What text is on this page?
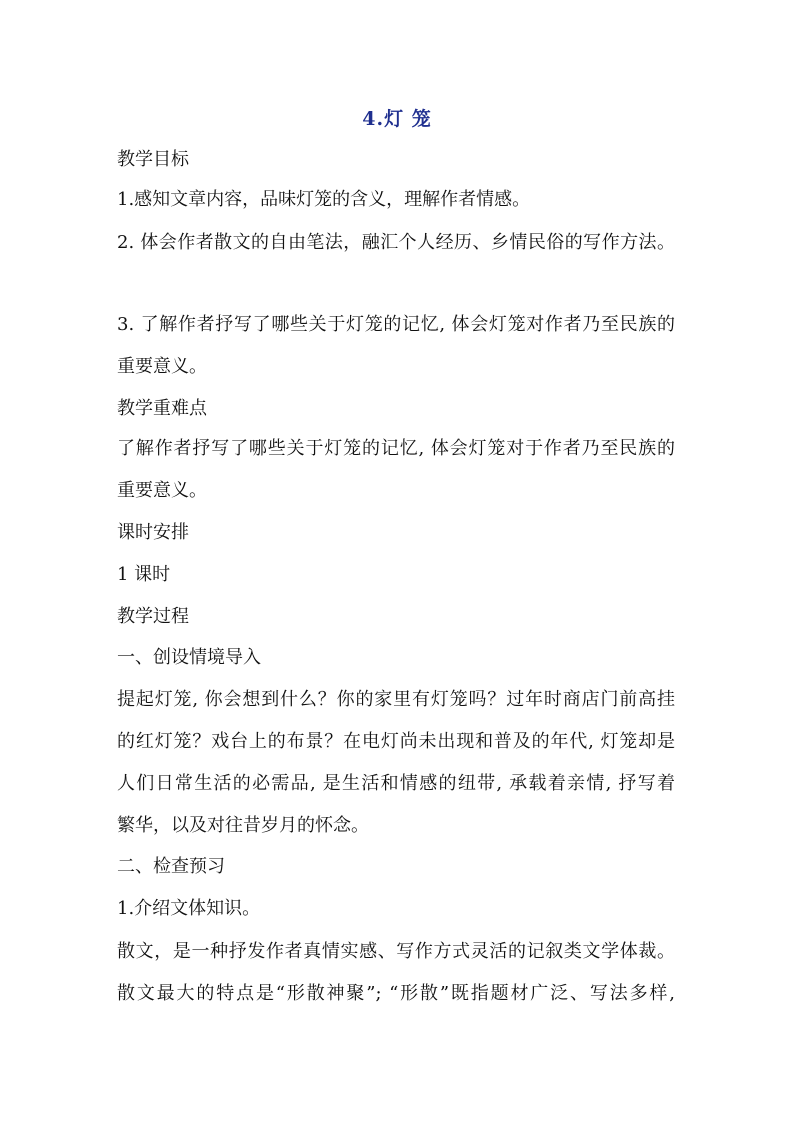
4.灯 笼
教学目标
1.感知文章内容，品味灯笼的含义，理解作者情感。
2. 体会作者散文的自由笔法，融汇个人经历、乡情民俗的写作方法。
3. 了解作者抒写了哪些关于灯笼的记忆, 体会灯笼对作者乃至民族的
重要意义。
教学重难点
了解作者抒写了哪些关于灯笼的记忆, 体会灯笼对于作者乃至民族的
重要意义。
课时安排
1 课时
教学过程
一、创设情境导入
提起灯笼, 你会想到什么？你的家里有灯笼吗？过年时商店门前高挂
的红灯笼？戏台上的布景？在电灯尚未出现和普及的年代, 灯笼却是
人们日常生活的必需品, 是生活和情感的纽带, 承载着亲情, 抒写着
繁华，以及对往昔岁月的怀念。
二、检查预习
1.介绍文体知识。
散文，是一种抒发作者真情实感、写作方式灵活的记叙类文学体裁。
散文最大的特点是“形散神聚”; “形散”既指题材广泛、写法多样,
